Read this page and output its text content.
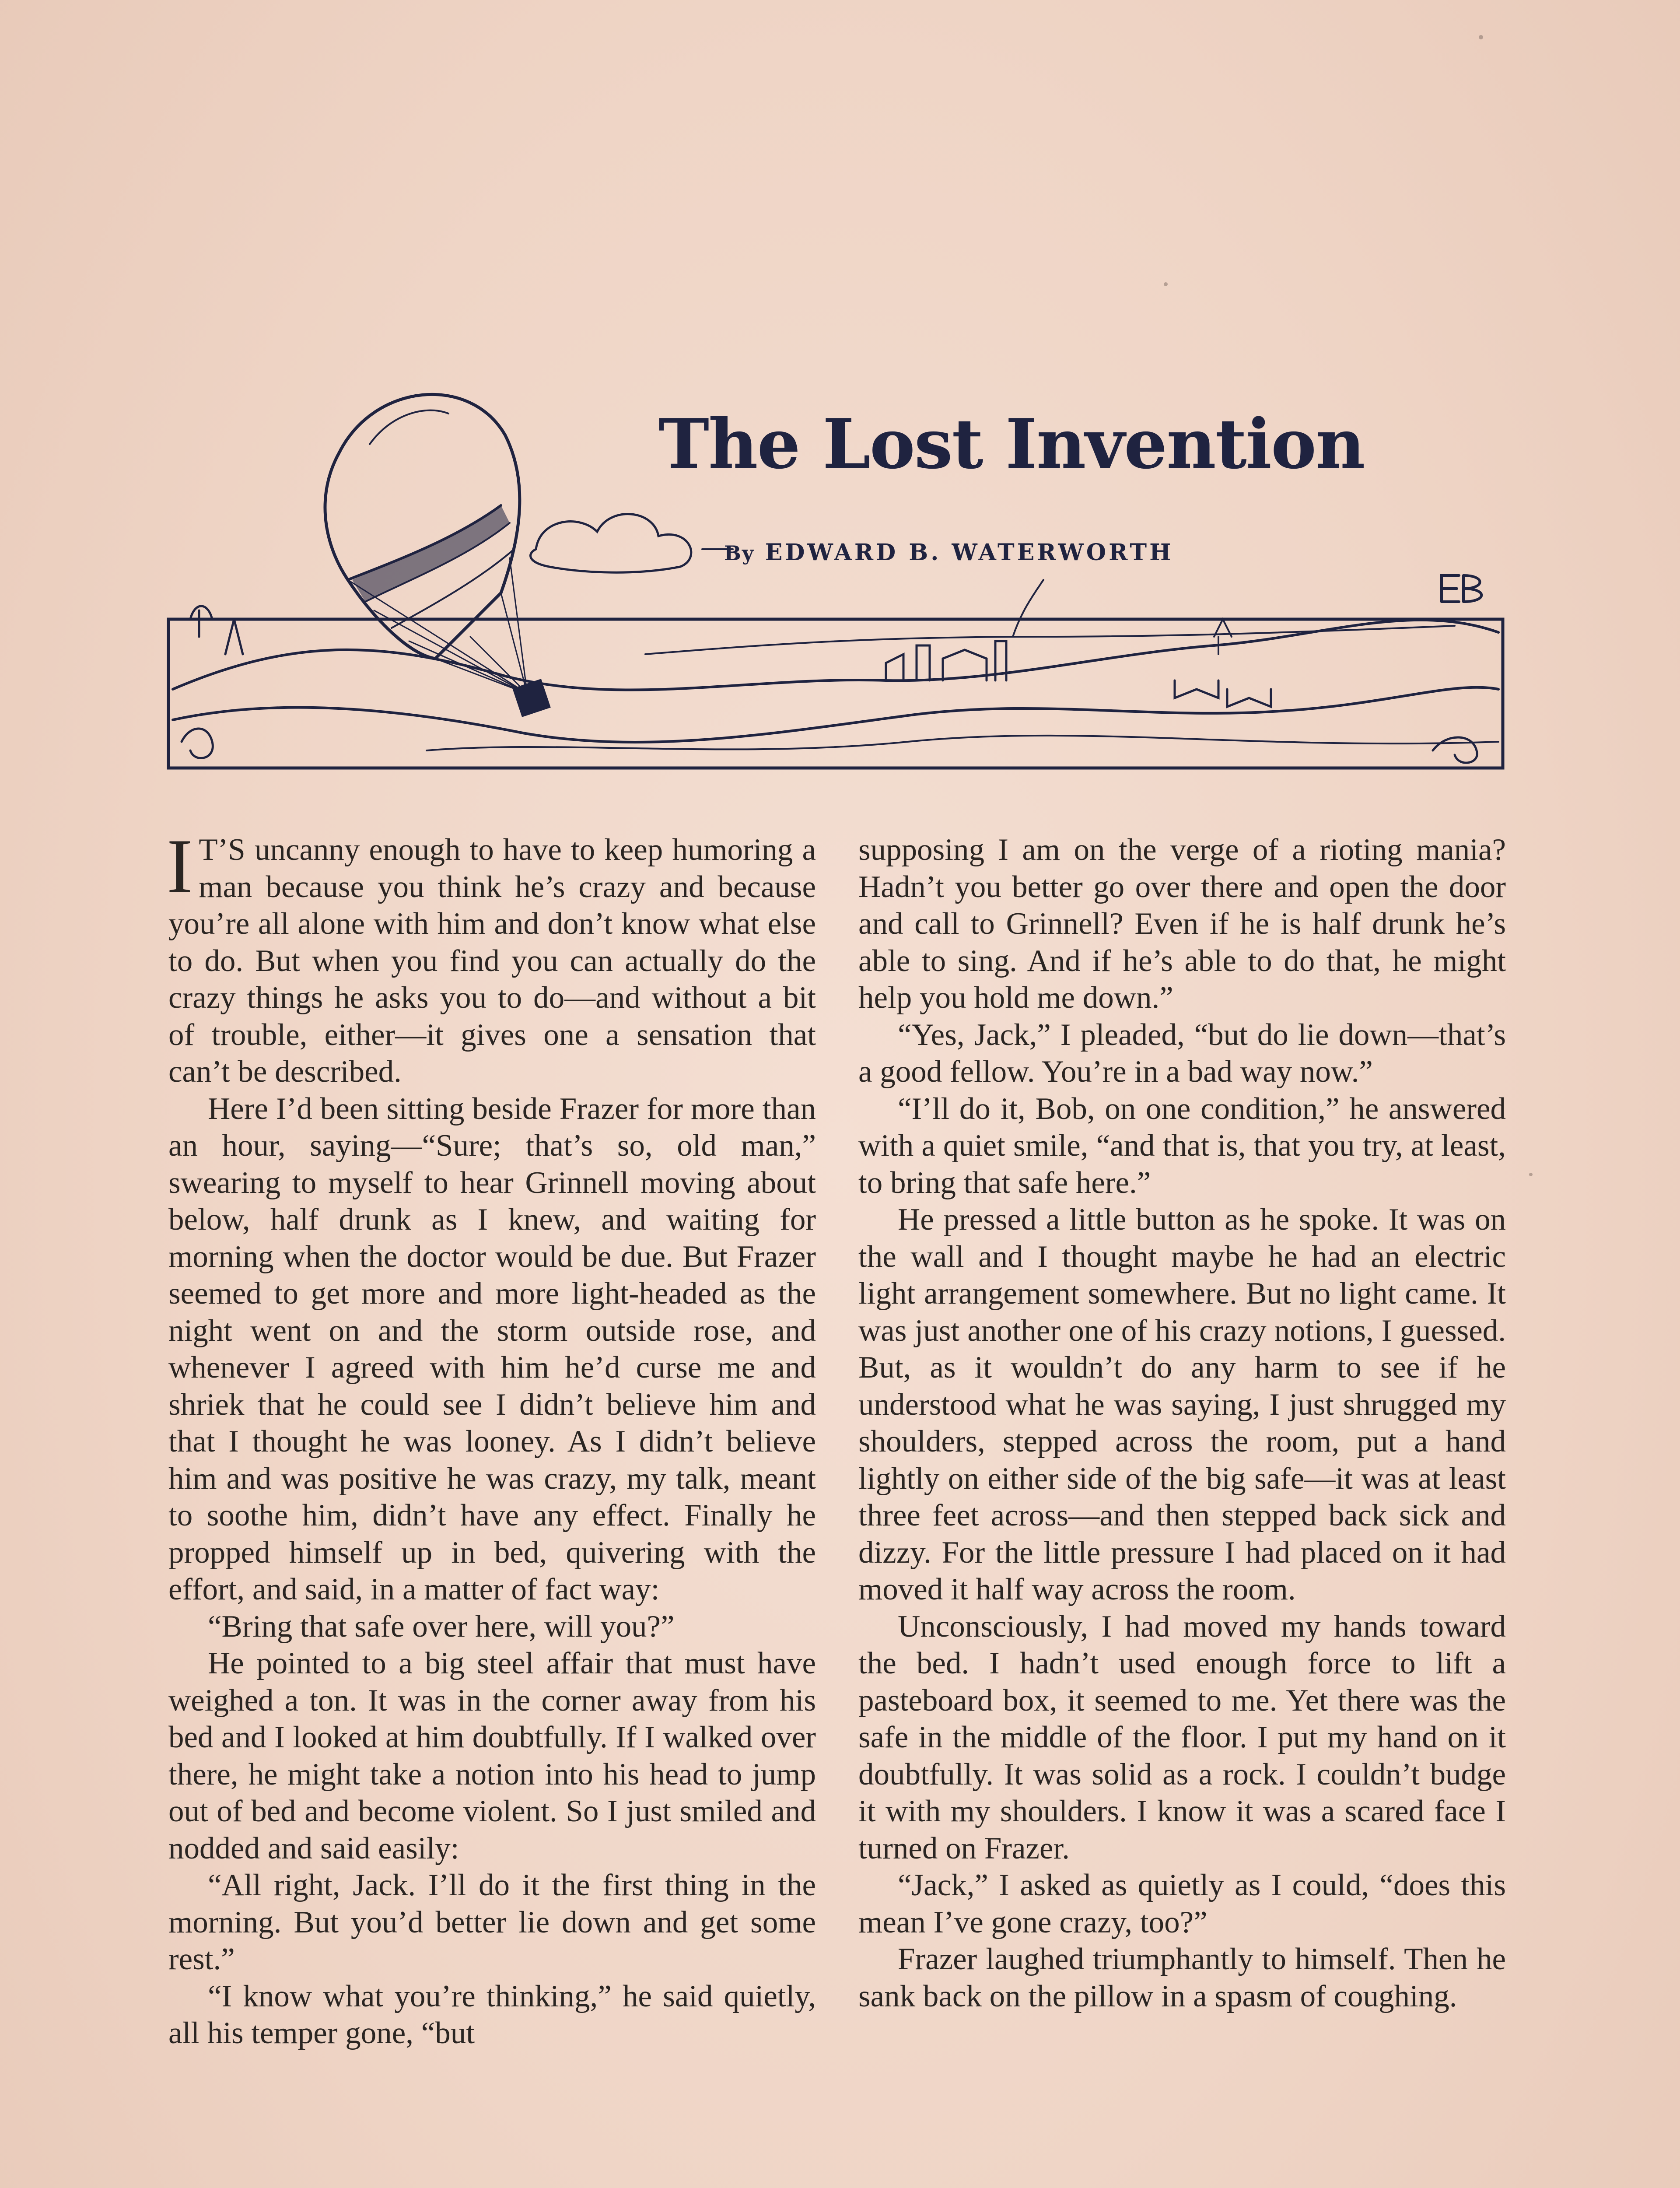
The Lost Invention
By EDWARD B. WATERWORTH

I T’S uncanny enough to have to keep humoring a man because you think he’s crazy and because you’re all alone with him and don’t know what else to do. But when you find you can actually do the crazy things he asks you to do—and without a bit of trouble, either—it gives one a sensation that can’t be described.

Here I’d been sitting beside Frazer for more than an hour, saying—“Sure; that’s so, old man,” swearing to myself to hear Grinnell moving about below, half drunk as I knew, and waiting for morning when the doctor would be due. But Frazer seemed to get more and more light-headed as the night went on and the storm outside rose, and whenever I agreed with him he’d curse me and shriek that he could see I didn’t believe him and that I thought he was looney. As I didn’t believe him and was positive he was crazy, my talk, meant to soothe him, didn’t have any effect. Finally he propped himself up in bed, quivering with the effort, and said, in a matter of fact way:

“Bring that safe over here, will you?”

He pointed to a big steel affair that must have weighed a ton. It was in the corner away from his bed and I looked at him doubtfully. If I walked over there, he might take a notion into his head to jump out of bed and become violent. So I just smiled and nodded and said easily:

“All right, Jack. I’ll do it the first thing in the morning. But you’d better lie down and get some rest.”

“I know what you’re thinking,” he said quietly, all his temper gone, “but

supposing I am on the verge of a rioting mania? Hadn’t you better go over there and open the door and call to Grinnell? Even if he is half drunk he’s able to sing. And if he’s able to do that, he might help you hold me down.”

“Yes, Jack,” I pleaded, “but do lie down—that’s a good fellow. You’re in a bad way now.”

“I’ll do it, Bob, on one condition,” he answered with a quiet smile, “and that is, that you try, at least, to bring that safe here.”

He pressed a little button as he spoke. It was on the wall and I thought maybe he had an electric light arrangement somewhere. But no light came. It was just another one of his crazy notions, I guessed. But, as it wouldn’t do any harm to see if he understood what he was saying, I just shrugged my shoulders, stepped across the room, put a hand lightly on either side of the big safe—it was at least three feet across—and then stepped back sick and dizzy. For the little pressure I had placed on it had moved it half way across the room.

Unconsciously, I had moved my hands toward the bed. I hadn’t used enough force to lift a pasteboard box, it seemed to me. Yet there was the safe in the middle of the floor. I put my hand on it doubtfully. It was solid as a rock. I couldn’t budge it with my shoulders. I know it was a scared face I turned on Frazer.

“Jack,” I asked as quietly as I could, “does this mean I’ve gone crazy, too?”

Frazer laughed triumphantly to himself. Then he sank back on the pillow in a spasm of coughing.
